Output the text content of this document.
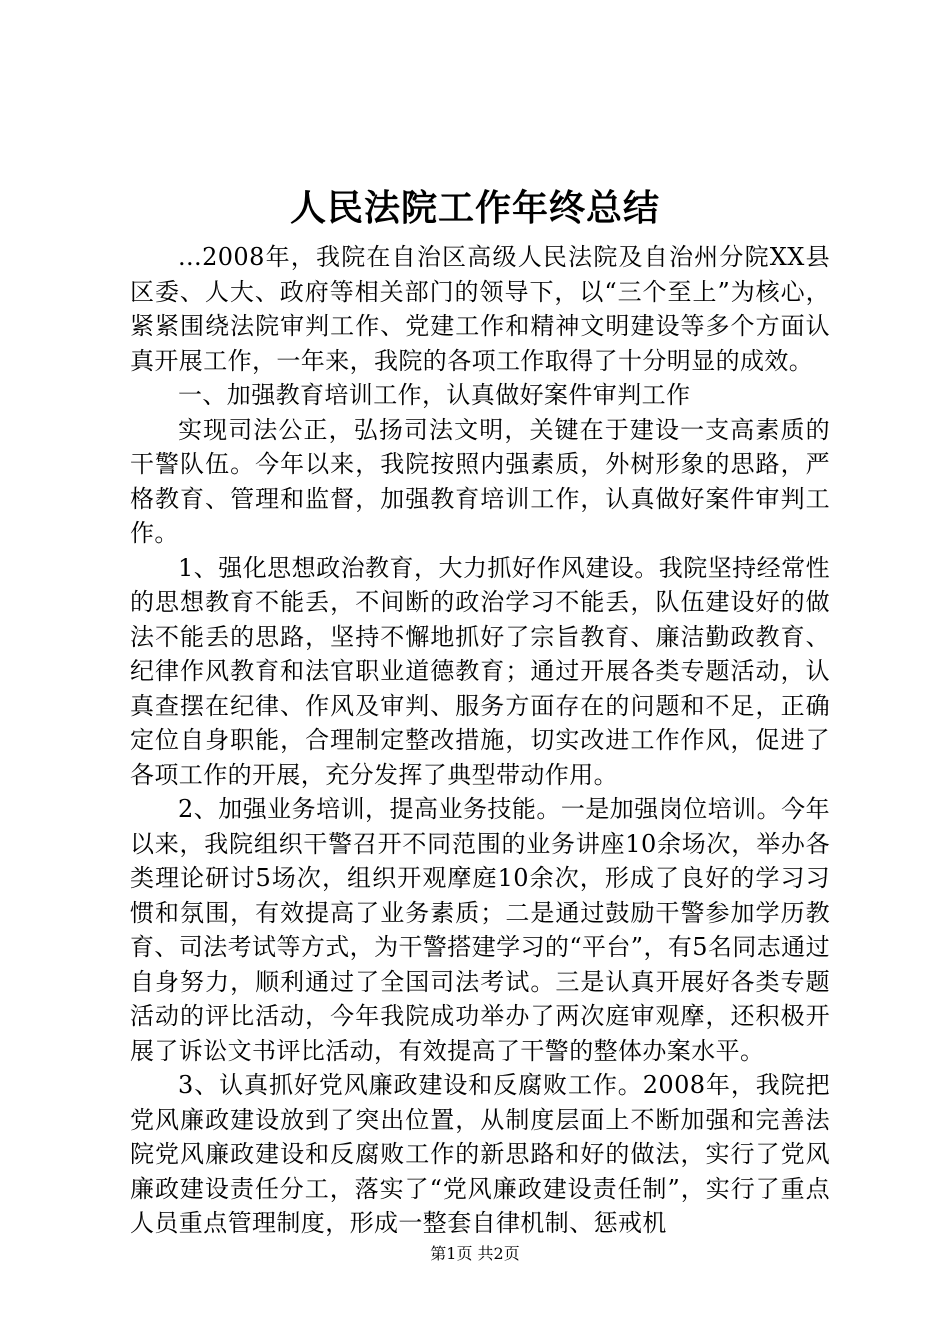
人民法院工作年终总结

...2008年，我院在自治区高级人民法院及自治州分院XX县区委、人大、政府等相关部门的领导下，以“三个至上”为核心，紧紧围绕法院审判工作、党建工作和精神文明建设等多个方面认真开展工作，一年来，我院的各项工作取得了十分明显的成效。

一、加强教育培训工作，认真做好案件审判工作

实现司法公正，弘扬司法文明，关键在于建设一支高素质的干警队伍。今年以来，我院按照内强素质，外树形象的思路，严格教育、管理和监督，加强教育培训工作，认真做好案件审判工作。

1、强化思想政治教育，大力抓好作风建设。我院坚持经常性的思想教育不能丢，不间断的政治学习不能丢，队伍建设好的做法不能丢的思路，坚持不懈地抓好了宗旨教育、廉洁勤政教育、纪律作风教育和法官职业道德教育；通过开展各类专题活动，认真查摆在纪律、作风及审判、服务方面存在的问题和不足，正确定位自身职能，合理制定整改措施，切实改进工作作风，促进了各项工作的开展，充分发挥了典型带动作用。

2、加强业务培训，提高业务技能。一是加强岗位培训。今年以来，我院组织干警召开不同范围的业务讲座10余场次，举办各类理论研讨5场次，组织开观摩庭10余次，形成了良好的学习习惯和氛围，有效提高了业务素质；二是通过鼓励干警参加学历教育、司法考试等方式，为干警搭建学习的“平台”，有5名同志通过自身努力，顺利通过了全国司法考试。三是认真开展好各类专题活动的评比活动，今年我院成功举办了两次庭审观摩，还积极开展了诉讼文书评比活动，有效提高了干警的整体办案水平。

3、认真抓好党风廉政建设和反腐败工作。2008年，我院把党风廉政建设放到了突出位置，从制度层面上不断加强和完善法院党风廉政建设和反腐败工作的新思路和好的做法，实行了党风廉政建设责任分工，落实了“党风廉政建设责任制”，实行了重点人员重点管理制度，形成一整套自律机制、惩戒机

第1页 共2页
